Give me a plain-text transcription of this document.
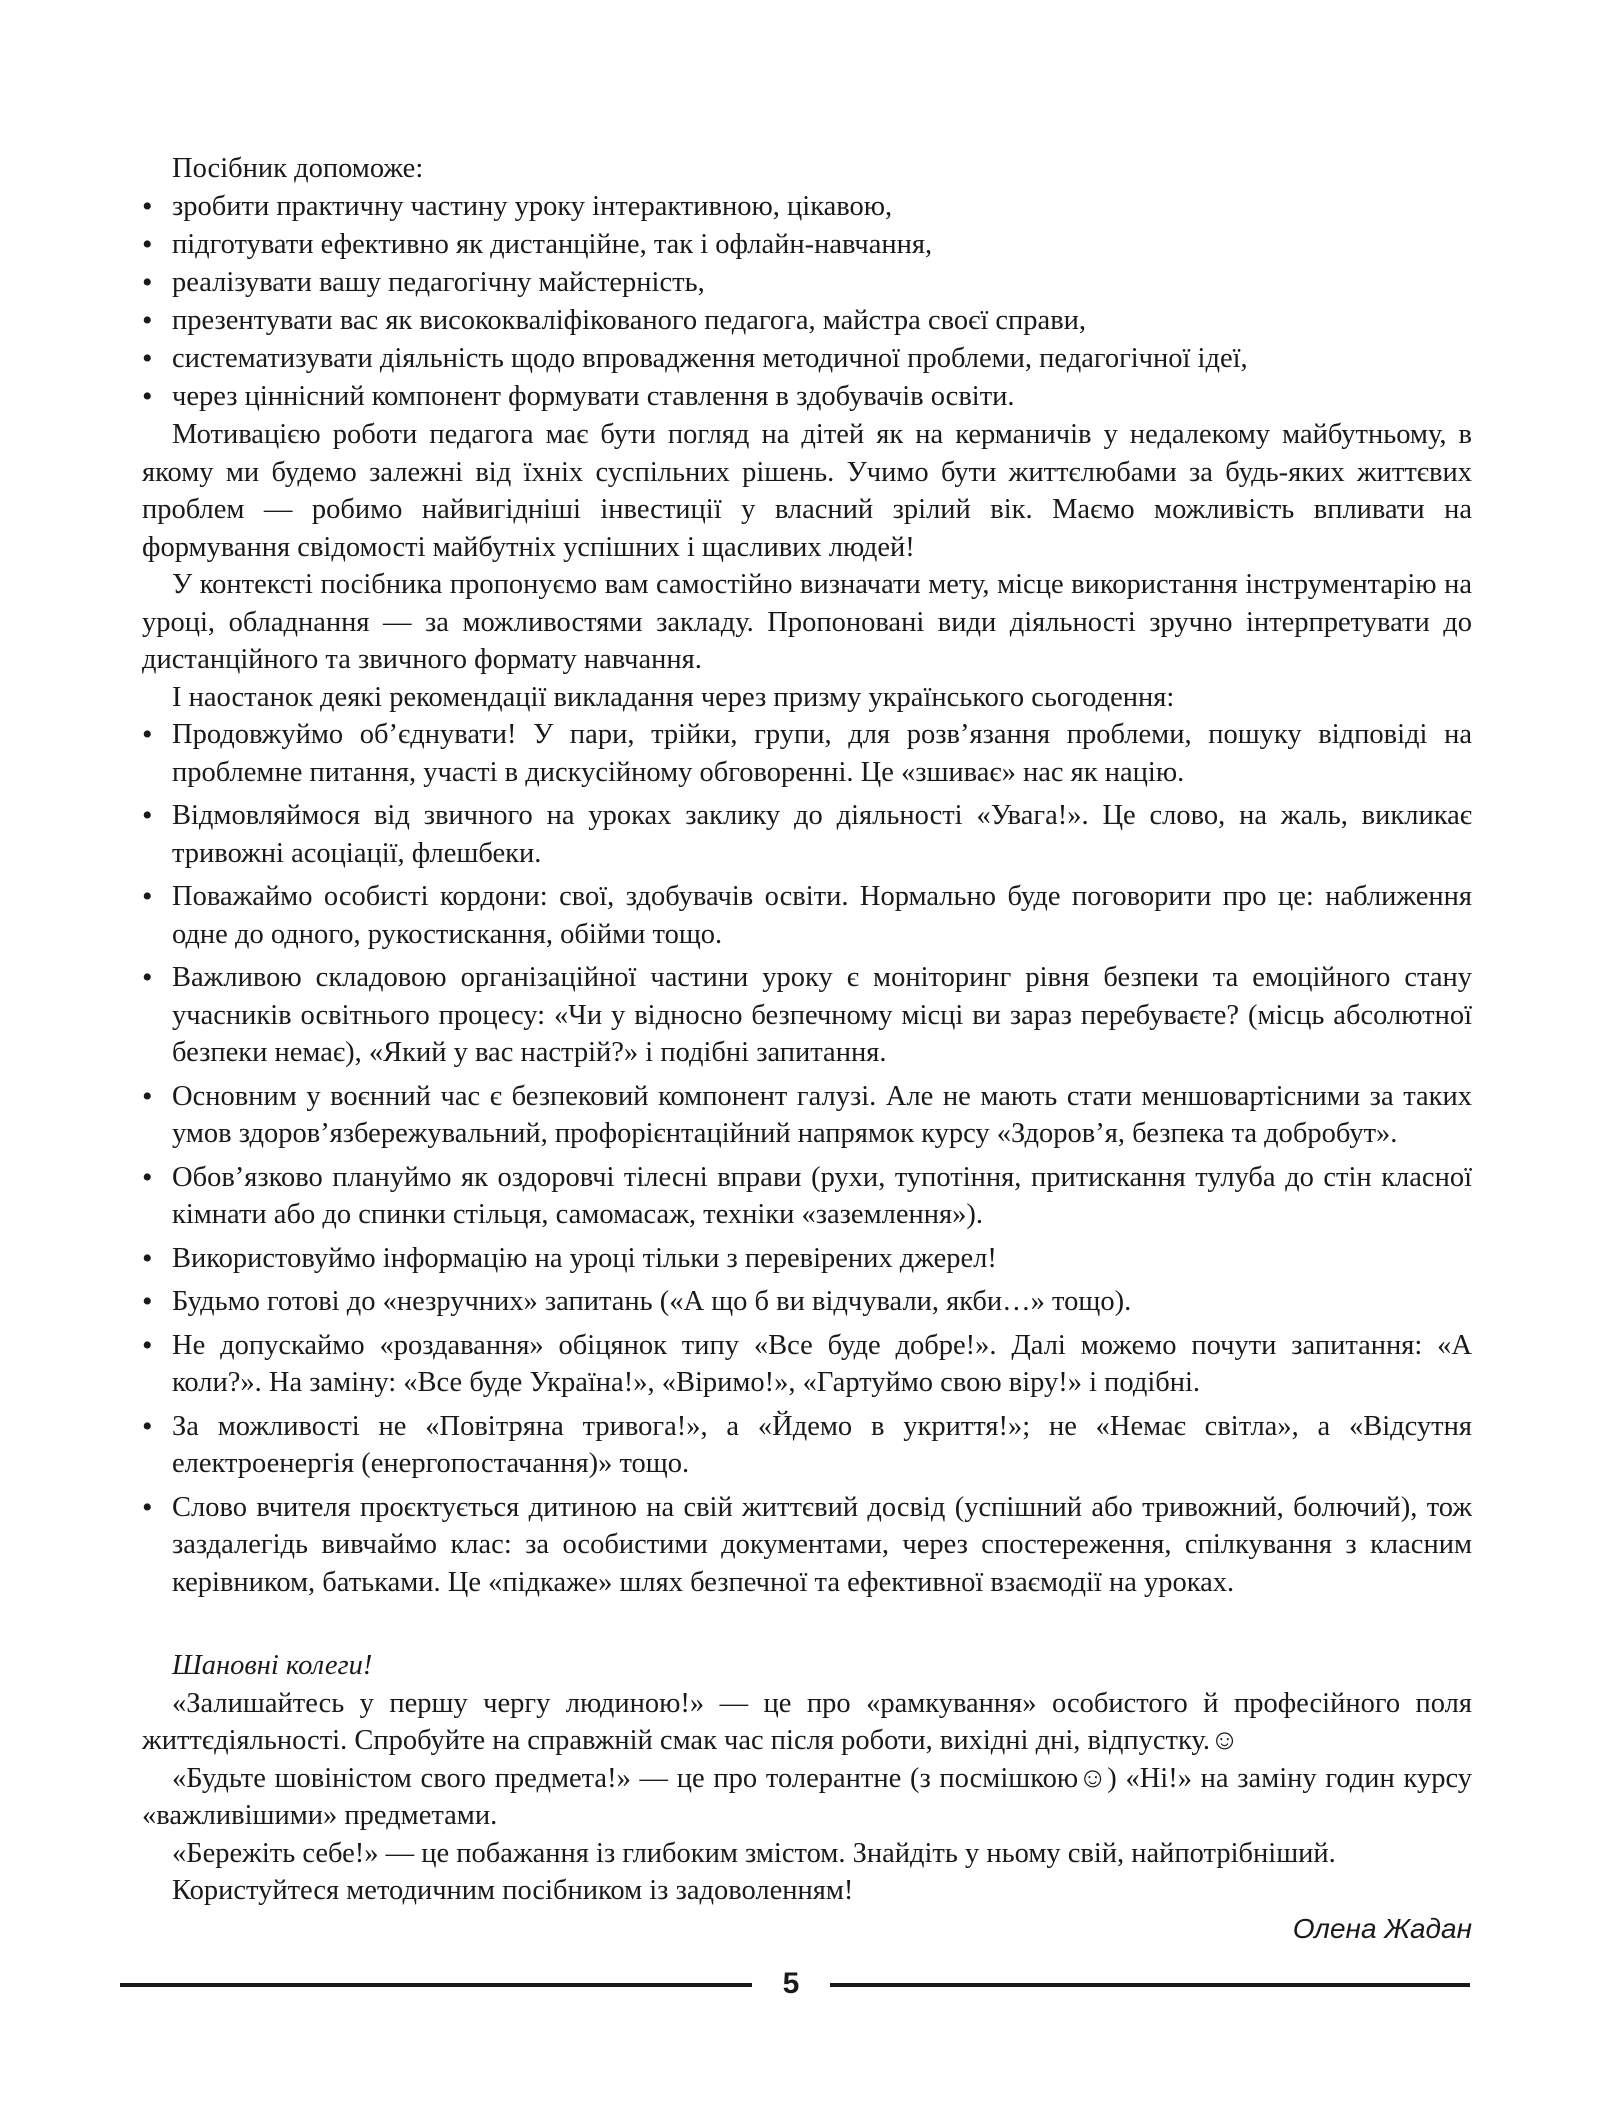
Посібник допоможе:

• зробити практичну частину уроку інтерактивною, цікавою,
• підготувати ефективно як дистанційне, так і офлайн-навчання,
• реалізувати вашу педагогічну майстерність,
• презентувати вас як висококваліфікованого педагога, майстра своєї справи,
• систематизувати діяльність щодо впровадження методичної проблеми, педагогічної ідеї,
• через ціннісний компонент формувати ставлення в здобувачів освіти.

Мотивацією роботи педагога має бути погляд на дітей як на керманичів у недалекому майбутньому, в якому ми будемо залежні від їхніх суспільних рішень. Учимо бути життєлюбами за будь-яких життєвих проблем — робимо найвигідніші інвестиції у власний зрілий вік. Маємо можливість впливати на формування свідомості майбутніх успішних і щасливих людей!

У контексті посібника пропонуємо вам самостійно визначати мету, місце використання інструментарію на уроці, обладнання — за можливостями закладу. Пропоновані види діяльності зручно інтерпретувати до дистанційного та звичного формату навчання.

І наостанок деякі рекомендації викладання через призму українського сьогодення:

• Продовжуймо об’єднувати! У пари, трійки, групи, для розв’язання проблеми, пошуку відповіді на проблемне питання, участі в дискусійному обговоренні. Це «зшиває» нас як націю.
• Відмовляймося від звичного на уроках заклику до діяльності «Увага!». Це слово, на жаль, викликає тривожні асоціації, флешбеки.
• Поважаймо особисті кордони: свої, здобувачів освіти. Нормально буде поговорити про це: наближення одне до одного, рукостискання, обійми тощо.
• Важливою складовою організаційної частини уроку є моніторинг рівня безпеки та емоційного стану учасників освітнього процесу: «Чи у відносно безпечному місці ви зараз перебуваєте? (місць абсолютної безпеки немає), «Який у вас настрій?» і подібні запитання.
• Основним у воєнний час є безпековий компонент галузі. Але не мають стати меншовартісними за таких умов здоров’язбережувальний, профорієнтаційний напрямок курсу «Здоров’я, безпека та добробут».
• Обов’язково плануймо як оздоровчі тілесні вправи (рухи, тупотіння, притискання тулуба до стін класної кімнати або до спинки стільця, самомасаж, техніки «заземлення»).
• Використовуймо інформацію на уроці тільки з перевірених джерел!
• Будьмо готові до «незручних» запитань («А що б ви відчували, якби…» тощо).
• Не допускаймо «роздавання» обіцянок типу «Все буде добре!». Далі можемо почути запитання: «А коли?». На заміну: «Все буде Україна!», «Віримо!», «Гартуймо свою віру!» і подібні.
• За можливості не «Повітряна тривога!», а «Йдемо в укриття!»; не «Немає світла», а «Відсутня електроенергія (енергопостачання)» тощо.
• Слово вчителя проєктується дитиною на свій життєвий досвід (успішний або тривожний, болючий), тож заздалегідь вивчаймо клас: за особистими документами, через спостереження, спілкування з класним керівником, батьками. Це «підкаже» шлях безпечної та ефективної взаємодії на уроках.

Шановні колеги!

«Залишайтесь у першу чергу людиною!» — це про «рамкування» особистого й професійного поля життєдіяльності. Спробуйте на справжній смак час після роботи, вихідні дні, відпустку.☺

«Будьте шовіністом свого предмета!» — це про толерантне (з посмішкою☺) «Ні!» на заміну годин курсу «важливішими» предметами.

«Бережіть себе!» — це побажання із глибоким змістом. Знайдіть у ньому свій, найпотрібніший.

Користуйтеся методичним посібником із задоволенням!

Олена Жадан

5
